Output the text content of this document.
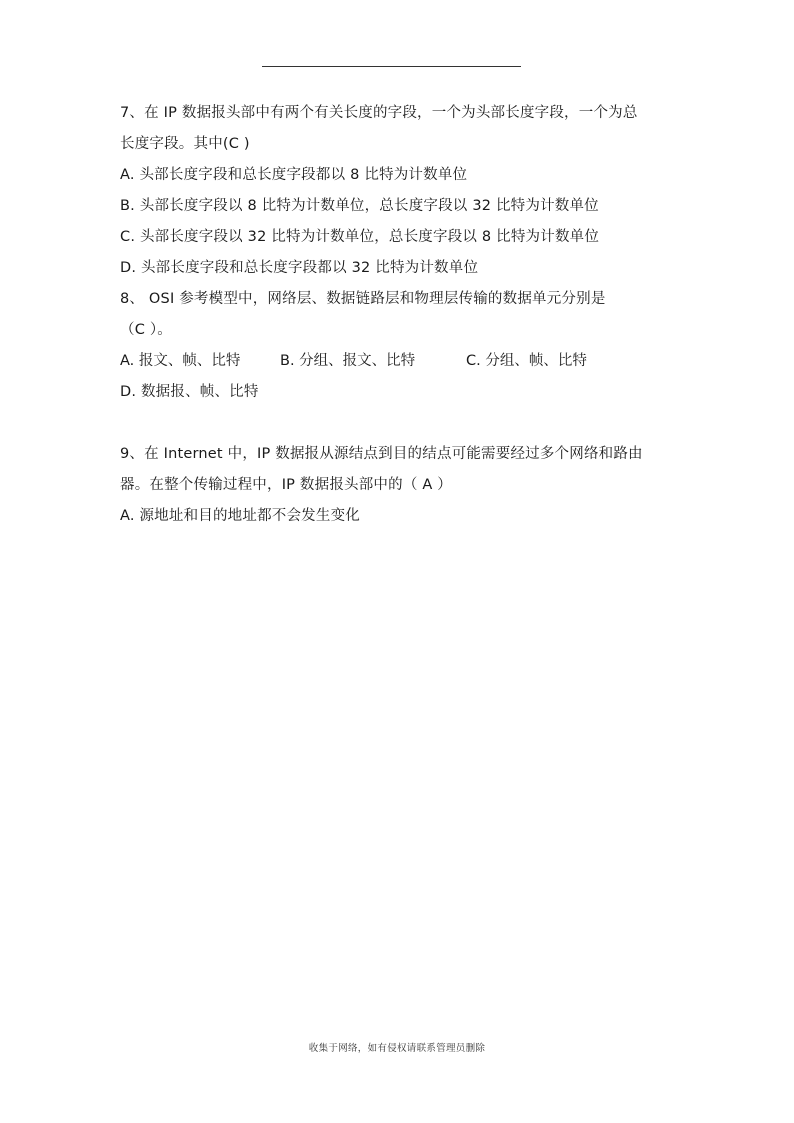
7、在 IP 数据报头部中有两个有关长度的字段，一个为头部长度字段，一个为总
长度字段。其中(C )
A. 头部长度字段和总长度字段都以 8 比特为计数单位
B. 头部长度字段以 8 比特为计数单位，总长度字段以 32 比特为计数单位
C. 头部长度字段以 32 比特为计数单位，总长度字段以 8 比特为计数单位
D. 头部长度字段和总长度字段都以 32 比特为计数单位
8、 OSI 参考模型中，网络层、数据链路层和物理层传输的数据单元分别是
（C ）。
A. 报文、帧、比特	B. 分组、报文、比特	C. 分组、帧、比特
D. 数据报、帧、比特
9、在 Internet 中，IP 数据报从源结点到目的结点可能需要经过多个网络和路由
器。在整个传输过程中，IP 数据报头部中的（ A ）
A. 源地址和目的地址都不会发生变化
收集于网络，如有侵权请联系管理员删除
